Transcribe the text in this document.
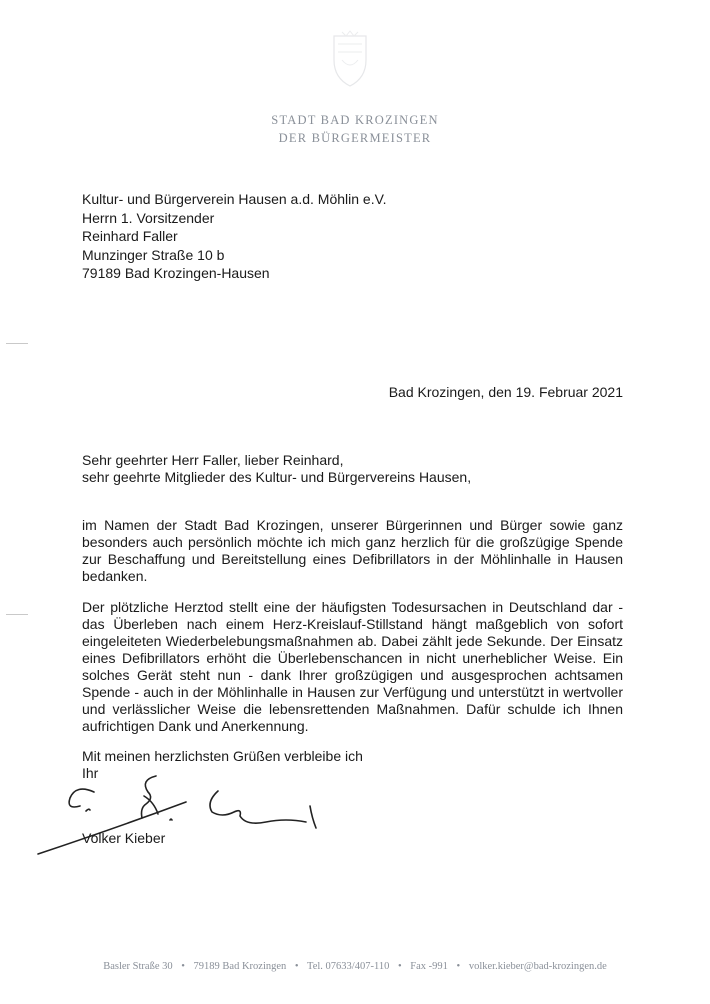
STADT BAD KROZINGEN
DER BÜRGERMEISTER
Kultur- und Bürgerverein Hausen a.d. Möhlin e.V.
Herrn 1. Vorsitzender
Reinhard Faller
Munzinger Straße 10 b
79189 Bad Krozingen-Hausen
Bad Krozingen, den 19. Februar 2021
Sehr geehrter Herr Faller, lieber Reinhard,
sehr geehrte Mitglieder des Kultur- und Bürgervereins Hausen,
im Namen der Stadt Bad Krozingen, unserer Bürgerinnen und Bürger sowie ganz besonders auch persönlich möchte ich mich ganz herzlich für die großzügige Spende zur Beschaffung und Bereitstellung eines Defibrillators in der Möhlinhalle in Hausen bedanken.
Der plötzliche Herztod stellt eine der häufigsten Todesursachen in Deutschland dar - das Überleben nach einem Herz-Kreislauf-Stillstand hängt maßgeblich von sofort eingeleiteten Wiederbelebungsmaßnahmen ab. Dabei zählt jede Sekunde. Der Einsatz eines Defibrillators erhöht die Überlebenschancen in nicht unerheblicher Weise. Ein solches Gerät steht nun - dank Ihrer großzügigen und ausgesprochen achtsamen Spende - auch in der Möhlinhalle in Hausen zur Verfügung und unterstützt in wertvoller und verlässlicher Weise die lebensrettenden Maßnahmen. Dafür schulde ich Ihnen aufrichtigen Dank und Anerkennung.
Mit meinen herzlichsten Grüßen verbleibe ich
Ihr
Volker Kieber
Basler Straße 30 • 79189 Bad Krozingen • Tel. 07633/407-110 • Fax -991 • volker.kieber@bad-krozingen.de
